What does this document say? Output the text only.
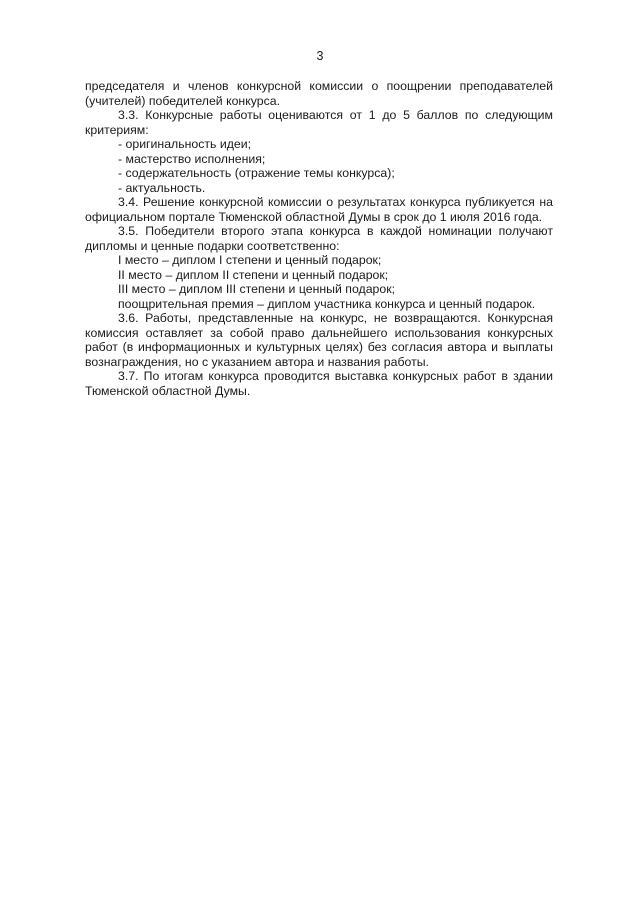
3

председателя и членов конкурсной комиссии о поощрении преподавателей (учителей) победителей конкурса.

3.3. Конкурсные работы оцениваются от 1 до 5 баллов по следующим критериям:

- оригинальность идеи;

- мастерство исполнения;

- содержательность (отражение темы конкурса);

- актуальность.

3.4. Решение конкурсной комиссии о результатах конкурса публикуется на официальном портале Тюменской областной Думы в срок до 1 июля 2016 года.

3.5. Победители второго этапа конкурса в каждой номинации получают дипломы и ценные подарки соответственно:

I место – диплом I степени и ценный подарок;

II место – диплом II степени и ценный подарок;

III место – диплом III степени и ценный подарок;

поощрительная премия – диплом участника конкурса и ценный подарок.

3.6. Работы, представленные на конкурс, не возвращаются. Конкурсная комиссия оставляет за собой право дальнейшего использования конкурсных работ (в информационных и культурных целях) без согласия автора и выплаты вознаграждения, но с указанием автора и названия работы.

3.7. По итогам конкурса проводится выставка конкурсных работ в здании Тюменской областной Думы.
